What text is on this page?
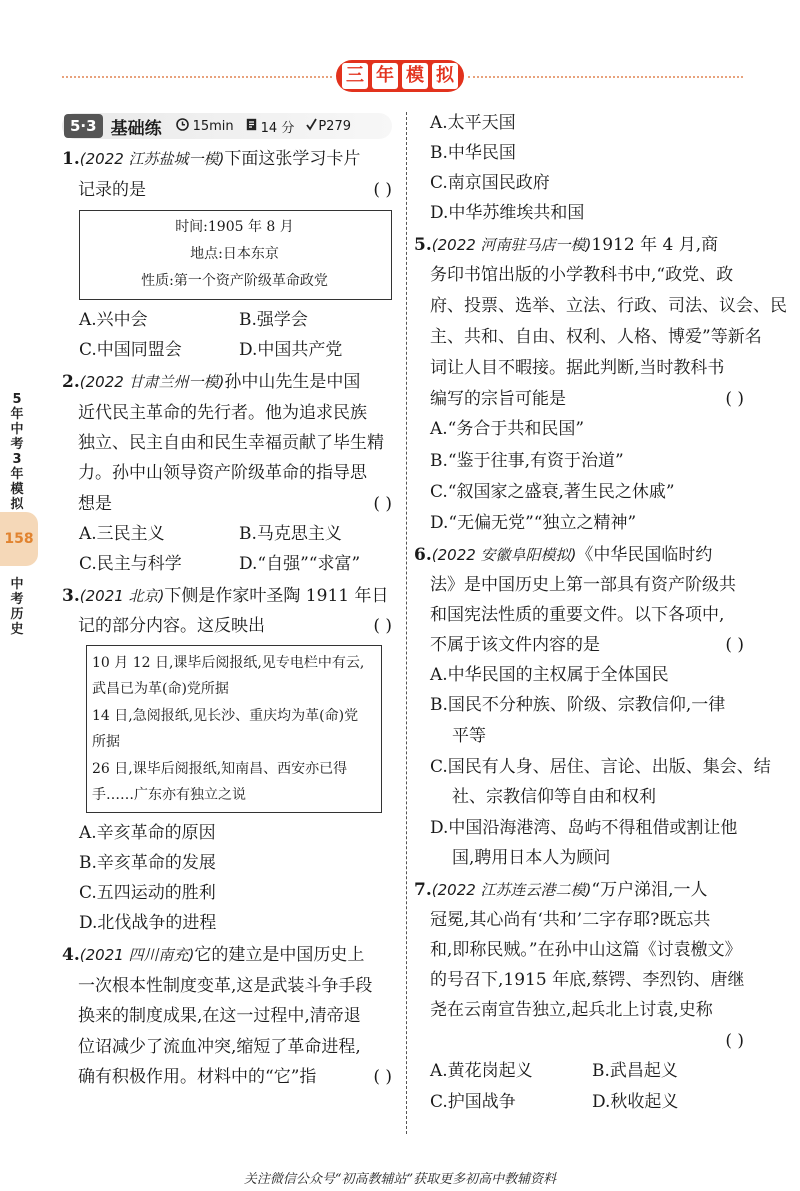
三 年 模 拟
5·3 基础练 15min 14 分 P279
5年中考3年模拟
158
中考历史
1.(2022 江苏盐城一模)下面这张学习卡片
记录的是	( )
时间:1905 年 8 月
地点:日本东京
性质:第一个资产阶级革命政党
A.兴中会	B.强学会
C.中国同盟会	D.中国共产党
2.(2022 甘肃兰州一模)孙中山先生是中国
近代民主革命的先行者。他为追求民族
独立、民主自由和民生幸福贡献了毕生精
力。孙中山领导资产阶级革命的指导思
想是	( )
A.三民主义	B.马克思主义
C.民主与科学	D.“自强”“求富”
3.(2021 北京)下侧是作家叶圣陶 1911 年日
记的部分内容。这反映出	( )
10 月 12 日,课毕后阅报纸,见专电栏中有云,
武昌已为革(命)党所据
14 日,急阅报纸,见长沙、重庆均为革(命)党
所据
26 日,课毕后阅报纸,知南昌、西安亦已得
手……广东亦有独立之说
A.辛亥革命的原因
B.辛亥革命的发展
C.五四运动的胜利
D.北伐战争的进程
4.(2021 四川南充)它的建立是中国历史上
一次根本性制度变革,这是武装斗争手段
换来的制度成果,在这一过程中,清帝退
位诏减少了流血冲突,缩短了革命进程,
确有积极作用。材料中的“它”指	( )
A.太平天国
B.中华民国
C.南京国民政府
D.中华苏维埃共和国
5.(2022 河南驻马店一模)1912 年 4 月,商
务印书馆出版的小学教科书中,“政党、政
府、投票、选举、立法、行政、司法、议会、民
主、共和、自由、权利、人格、博爱”等新名
词让人目不暇接。据此判断,当时教科书
编写的宗旨可能是	( )
A.“务合于共和民国”
B.“鉴于往事,有资于治道”
C.“叙国家之盛衰,著生民之休戚”
D.“无偏无党”“独立之精神”
6.(2022 安徽阜阳模拟)《中华民国临时约
法》是中国历史上第一部具有资产阶级共
和国宪法性质的重要文件。以下各项中,
不属于该文件内容的是	( )
A.中华民国的主权属于全体国民
B.国民不分种族、阶级、宗教信仰,一律
平等
C.国民有人身、居住、言论、出版、集会、结
社、宗教信仰等自由和权利
D.中国沿海港湾、岛屿不得租借或割让他
国,聘用日本人为顾问
7.(2022 江苏连云港二模)“万户涕泪,一人
冠冕,其心尚有‘共和’二字存耶?既忘共
和,即称民贼。”在孙中山这篇《讨袁檄文》
的号召下,1915 年底,蔡锷、李烈钧、唐继
尧在云南宣告独立,起兵北上讨袁,史称
( )
A.黄花岗起义	B.武昌起义
C.护国战争	D.秋收起义
关注微信公众号“初高教辅站”获取更多初高中教辅资料
